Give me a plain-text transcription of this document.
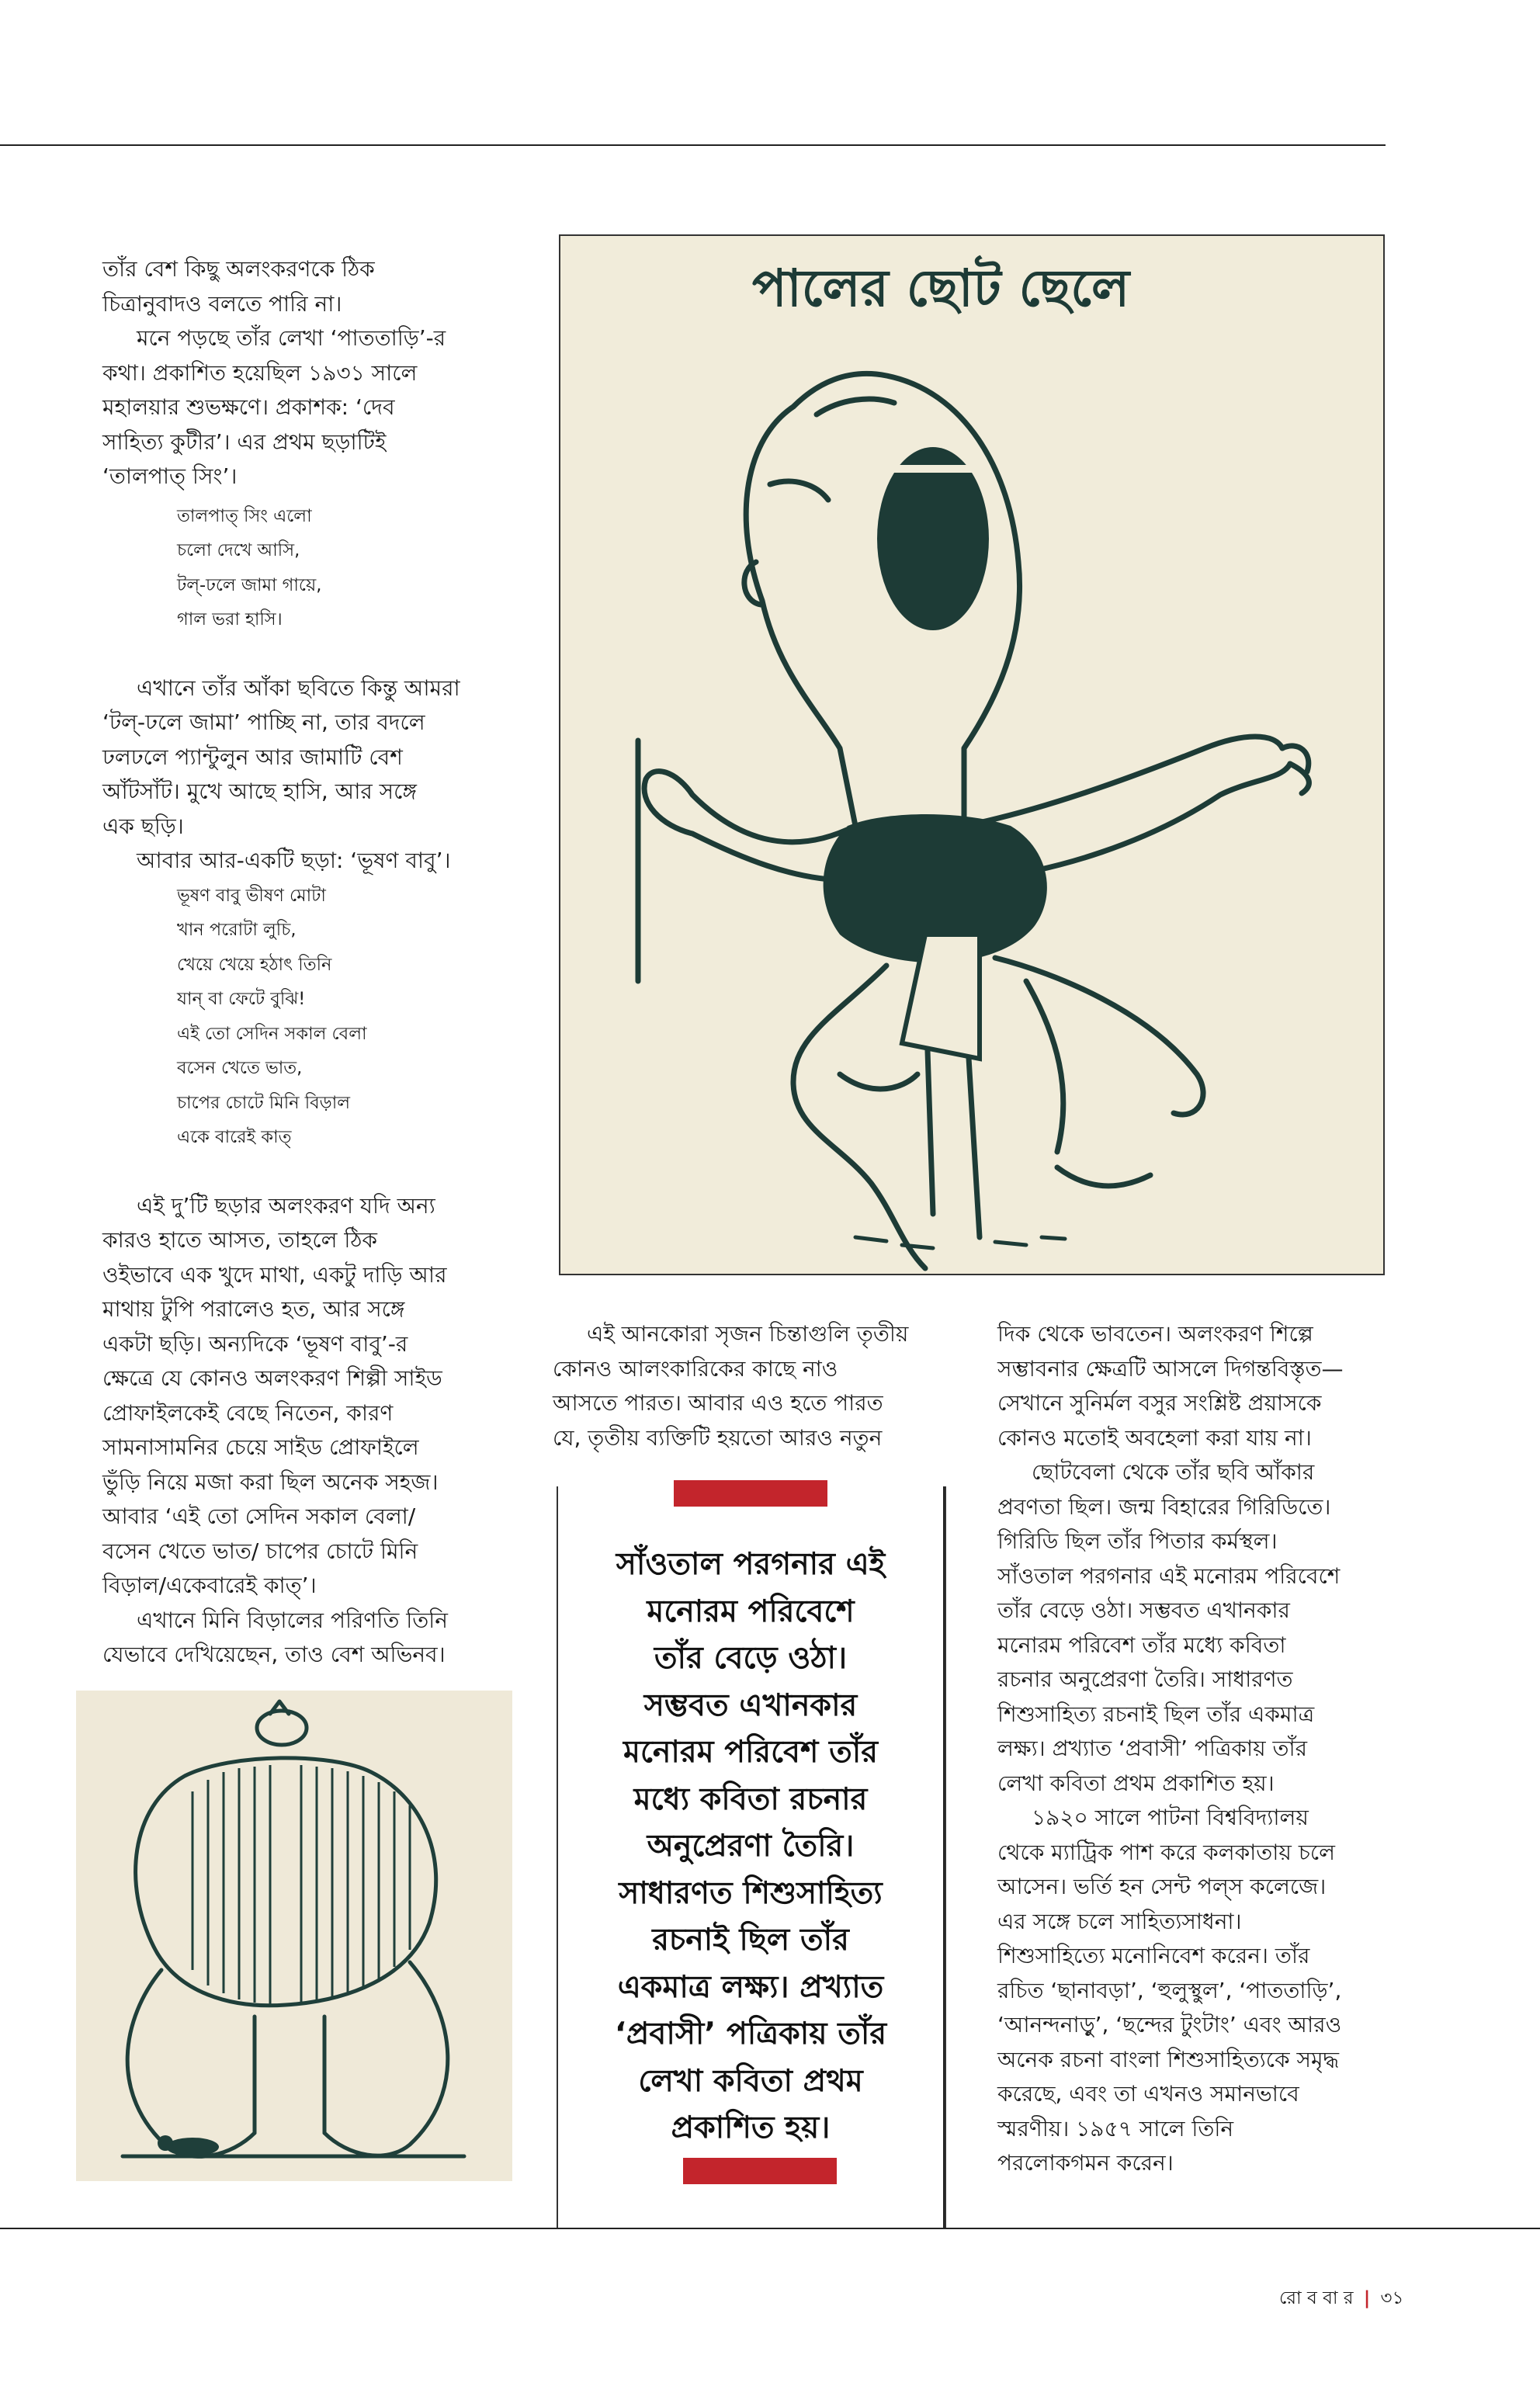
তাঁর বেশ কিছু অলংকরণকে ঠিক

চিত্রানুবাদও বলতে পারি না।

মনে পড়ছে তাঁর লেখা ‘পাততাড়ি’-র

কথা। প্রকাশিত হয়েছিল ১৯৩১ সালে

মহালয়ার শুভক্ষণে। প্রকাশক: ‘দেব

সাহিত্য কুটীর’। এর প্রথম ছড়াটিই

‘তালপাত্ সিং’।

তালপাত্ সিং এলো
চলো দেখে আসি,
টল্-ঢলে জামা গায়ে,
গাল ভরা হাসি।

এখানে তাঁর আঁকা ছবিতে কিন্তু আমরা

‘টল্-ঢলে জামা’ পাচ্ছি না, তার বদলে

ঢলঢলে প্যান্টুলুন আর জামাটি বেশ

আঁটসাঁট। মুখে আছে হাসি, আর সঙ্গে

এক ছড়ি।

আবার আর-একটি ছড়া: ‘ভূষণ বাবু’।

ভূষণ বাবু ভীষণ মোটা
খান পরোটা লুচি,
খেয়ে খেয়ে হঠাৎ তিনি
যান্ বা ফেটে বুঝি!
এই তো সেদিন সকাল বেলা
বসেন খেতে ভাত,
চাপের চোটে মিনি বিড়াল
একে বারেই কাত্

এই দু’টি ছড়ার অলংকরণ যদি অন্য

কারও হাতে আসত, তাহলে ঠিক

ওইভাবে এক খুদে মাথা, একটু দাড়ি আর

মাথায় টুপি পরালেও হত, আর সঙ্গে

একটা ছড়ি। অন্যদিকে ‘ভূষণ বাবু’-র

ক্ষেত্রে যে কোনও অলংকরণ শিল্পী সাইড

প্রোফাইলকেই বেছে নিতেন, কারণ

সামনাসামনির চেয়ে সাইড প্রোফাইলে

ভুঁড়ি নিয়ে মজা করা ছিল অনেক সহজ।

আবার ‘এই তো সেদিন সকাল বেলা/

বসেন খেতে ভাত/ চাপের চোটে মিনি

বিড়াল/একেবারেই কাত্’।

এখানে মিনি বিড়ালের পরিণতি তিনি

যেভাবে দেখিয়েছেন, তাও বেশ অভিনব।

পালের ছোট ছেলে

এই আনকোরা সৃজন চিন্তাগুলি তৃতীয়

কোনও আলংকারিকের কাছে নাও

আসতে পারত। আবার এও হতে পারত

যে, তৃতীয় ব্যক্তিটি হয়তো আরও নতুন

দিক থেকে ভাবতেন। অলংকরণ শিল্পে

সম্ভাবনার ক্ষেত্রটি আসলে দিগন্তবিস্তৃত—

সেখানে সুনির্মল বসুর সংশ্লিষ্ট প্রয়াসকে

কোনও মতোই অবহেলা করা যায় না।

ছোটবেলা থেকে তাঁর ছবি আঁকার

প্রবণতা ছিল। জন্ম বিহারের গিরিডিতে।

গিরিডি ছিল তাঁর পিতার কর্মস্থল।

সাঁওতাল পরগনার এই মনোরম পরিবেশে

তাঁর বেড়ে ওঠা। সম্ভবত এখানকার

মনোরম পরিবেশ তাঁর মধ্যে কবিতা

রচনার অনুপ্রেরণা তৈরি। সাধারণত

শিশুসাহিত্য রচনাই ছিল তাঁর একমাত্র

লক্ষ্য। প্রখ্যাত ‘প্রবাসী’ পত্রিকায় তাঁর

লেখা কবিতা প্রথম প্রকাশিত হয়।

১৯২০ সালে পাটনা বিশ্ববিদ্যালয়

থেকে ম্যাট্রিক পাশ করে কলকাতায় চলে

আসেন। ভর্তি হন সেন্ট পল্স কলেজে।

এর সঙ্গে চলে সাহিত্যসাধনা।

শিশুসাহিত্যে মনোনিবেশ করেন। তাঁর

রচিত ‘ছানাবড়া’, ‘হুলুস্থুল’, ‘পাততাড়ি’,

‘আনন্দনাড়ু’, ‘ছন্দের টুংটাং’ এবং আরও

অনেক রচনা বাংলা শিশুসাহিত্যকে সমৃদ্ধ

করেছে, এবং তা এখনও সমানভাবে

স্মরণীয়। ১৯৫৭ সালে তিনি

পরলোকগমন করেন।

সাঁওতাল পরগনার এই
মনোরম পরিবেশে
তাঁর বেড়ে ওঠা।
সম্ভবত এখানকার
মনোরম পরিবেশ তাঁর
মধ্যে কবিতা রচনার
অনুপ্রেরণা তৈরি।
সাধারণত শিশুসাহিত্য
রচনাই ছিল তাঁর
একমাত্র লক্ষ্য। প্রখ্যাত
‘প্রবাসী’ পত্রিকায় তাঁর
লেখা কবিতা প্রথম
প্রকাশিত হয়।
রো ব বা র | ৩১
